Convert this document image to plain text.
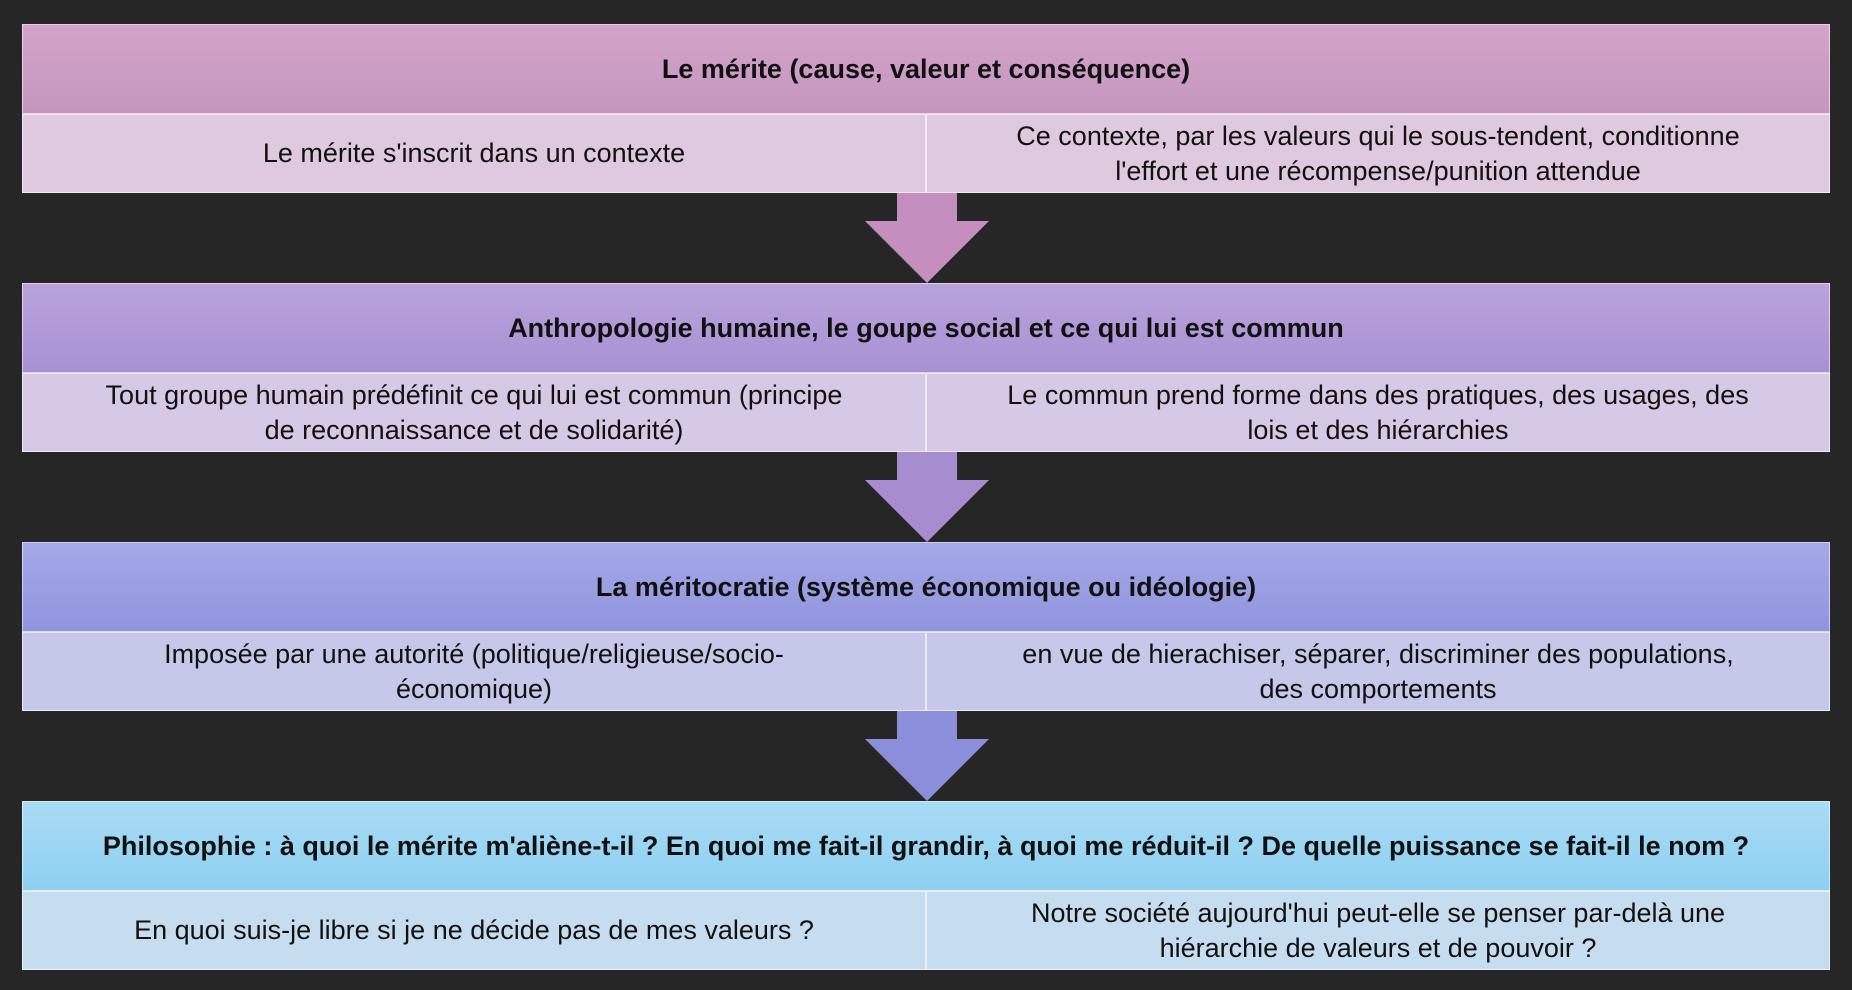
Le mérite (cause, valeur et conséquence)
Le mérite s'inscrit dans un contexte
Ce contexte, par les valeurs qui le sous-tendent, conditionne
l'effort et une récompense/punition attendue
Anthropologie humaine, le goupe social et ce qui lui est commun
Tout groupe humain prédéfinit ce qui lui est commun (principe
de reconnaissance et de solidarité)
Le commun prend forme dans des pratiques, des usages, des
lois et des hiérarchies
La méritocratie (système économique ou idéologie)
Imposée par une autorité (politique/religieuse/socio-
économique)
en vue de hierachiser, séparer, discriminer des populations,
des comportements
Philosophie : à quoi le mérite m'aliène-t-il ? En quoi me fait-il grandir, à quoi me réduit-il ? De quelle puissance se fait-il le nom ?
En quoi suis-je libre si je ne décide pas de mes valeurs ?
Notre société aujourd'hui peut-elle se penser par-delà une
hiérarchie de valeurs et de pouvoir ?
